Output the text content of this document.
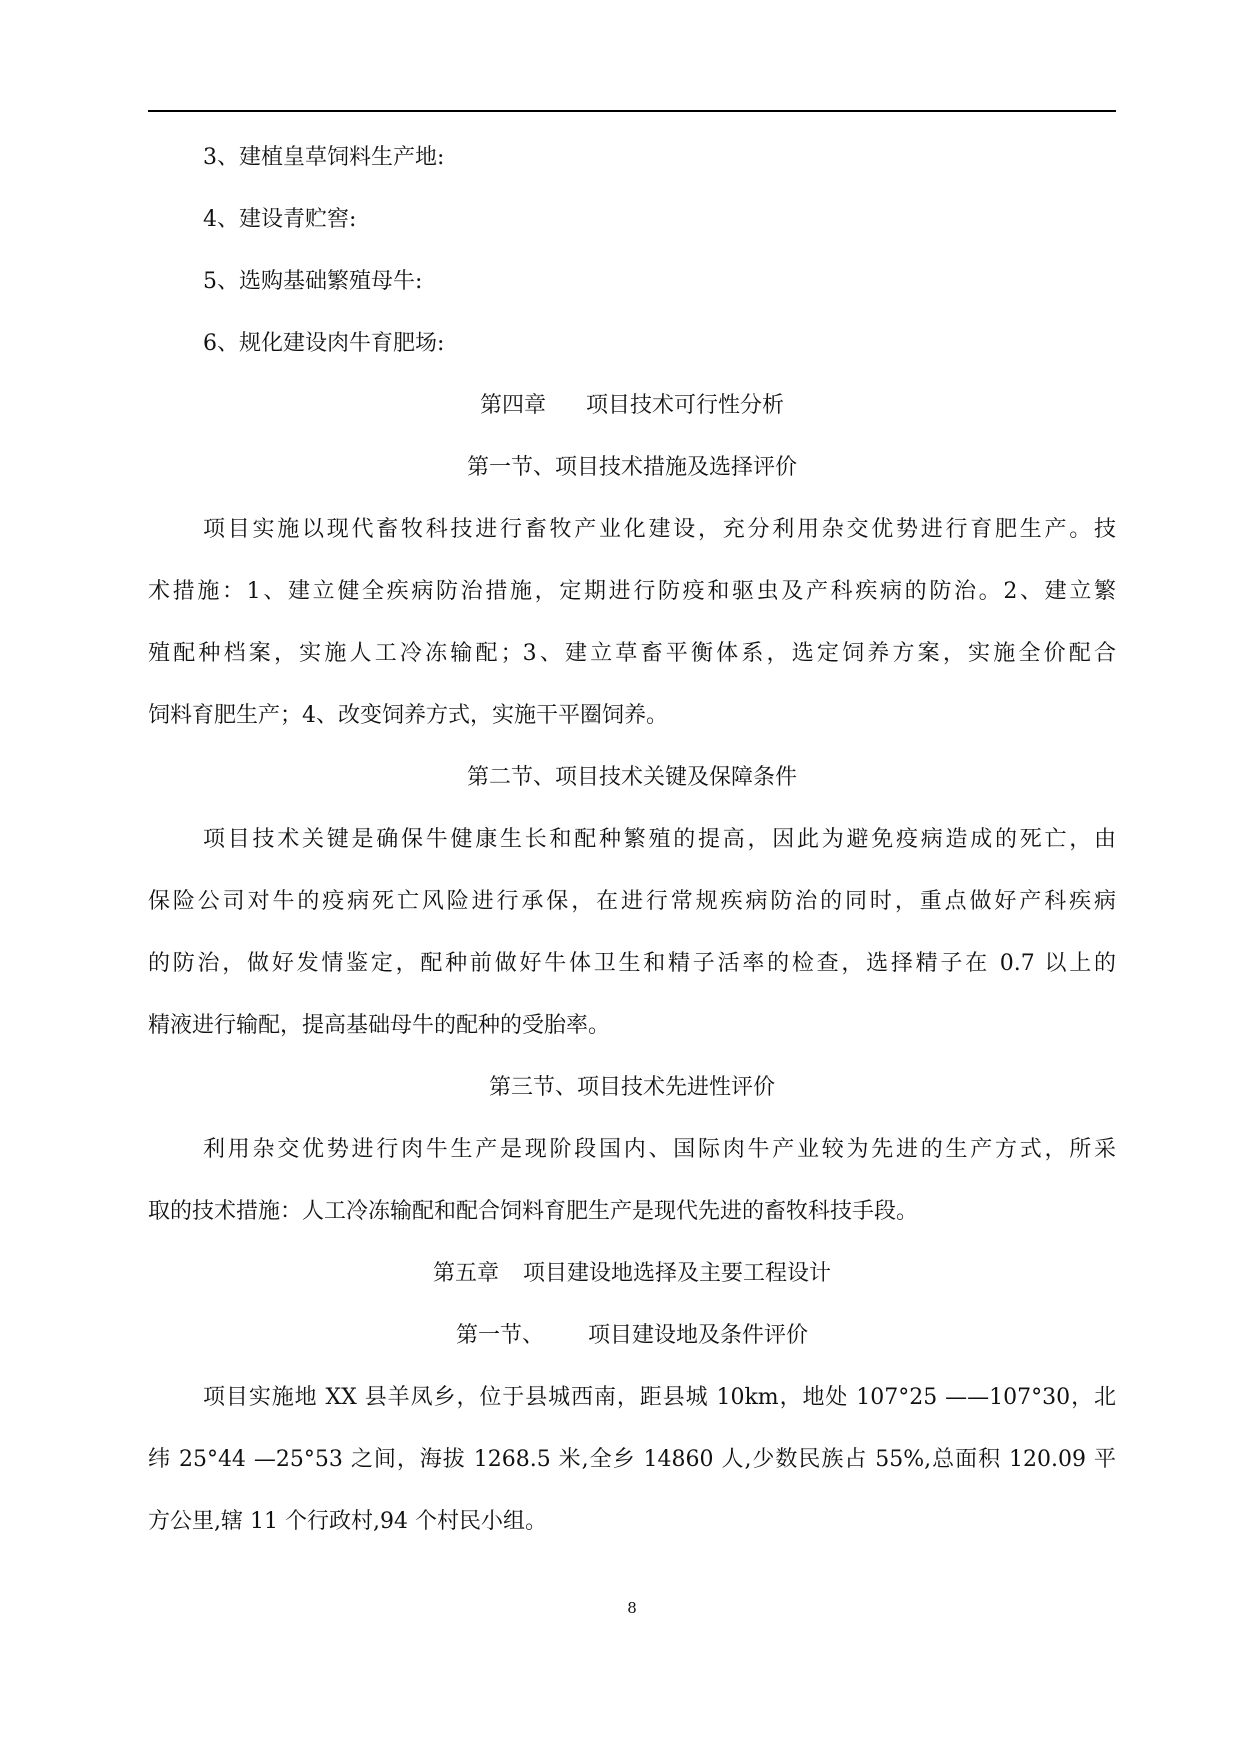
3、建植皇草饲料生产地:
4、建设青贮窖:
5、选购基础繁殖母牛:
6、规化建设肉牛育肥场:
第四章 项目技术可行性分析
第一节、项目技术措施及选择评价
项目实施以现代畜牧科技进行畜牧产业化建设，充分利用杂交优势进行育肥生产。技
术措施：1、建立健全疾病防治措施，定期进行防疫和驱虫及产科疾病的防治。2、建立繁
殖配种档案，实施人工冷冻输配；3、建立草畜平衡体系，选定饲养方案，实施全价配合
饲料育肥生产；4、改变饲养方式，实施干平圈饲养。
第二节、项目技术关键及保障条件
项目技术关键是确保牛健康生长和配种繁殖的提高，因此为避免疫病造成的死亡，由
保险公司对牛的疫病死亡风险进行承保，在进行常规疾病防治的同时，重点做好产科疾病
的防治，做好发情鉴定，配种前做好牛体卫生和精子活率的检查，选择精子在 0.7 以上的
精液进行输配，提高基础母牛的配种的受胎率。
第三节、项目技术先进性评价
利用杂交优势进行肉牛生产是现阶段国内、国际肉牛产业较为先进的生产方式，所采
取的技术措施：人工冷冻输配和配合饲料育肥生产是现代先进的畜牧科技手段。
第五章 项目建设地选择及主要工程设计
第一节、 项目建设地及条件评价
项目实施地 XX 县羊凤乡，位于县城西南，距县城 10km，地处 107°25 ——107°30，北
纬 25°44 —25°53 之间，海拔 1268.5 米,全乡 14860 人,少数民族占 55%,总面积 120.09 平
方公里,辖 11 个行政村,94 个村民小组。
8
